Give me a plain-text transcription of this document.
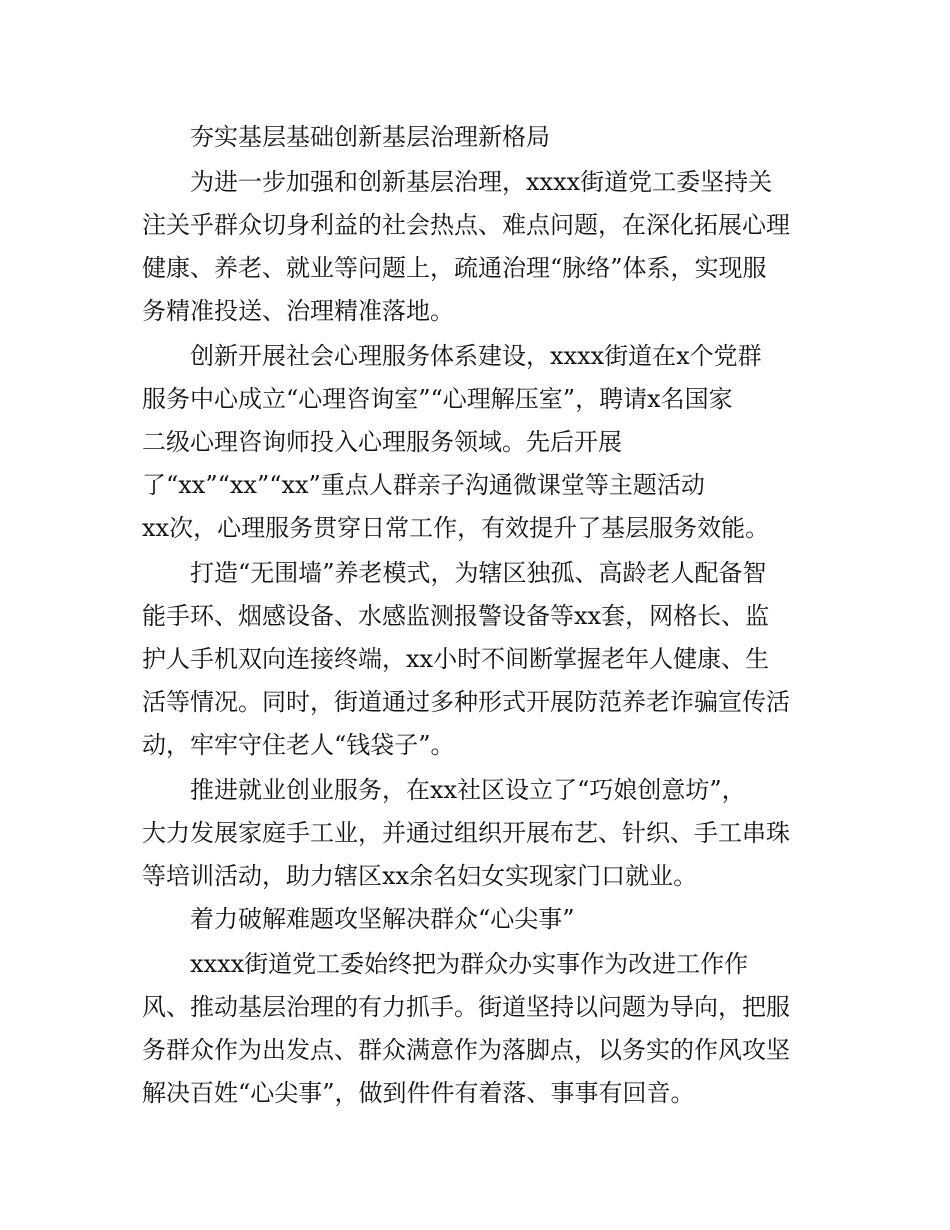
夯实基层基础创新基层治理新格局

为进一步加强和创新基层治理，xxxx街道党工委坚持关

注关乎群众切身利益的社会热点、难点问题，在深化拓展心理

健康、养老、就业等问题上，疏通治理“脉络”体系，实现服

务精准投送、治理精准落地。

创新开展社会心理服务体系建设，xxxx街道在x个党群

服务中心成立“心理咨询室”“心理解压室”，聘请x名国家

二级心理咨询师投入心理服务领域。先后开展

了“xx”“xx”“xx”重点人群亲子沟通微课堂等主题活动

xx次，心理服务贯穿日常工作，有效提升了基层服务效能。

打造“无围墙”养老模式，为辖区独孤、高龄老人配备智

能手环、烟感设备、水感监测报警设备等xx套，网格长、监

护人手机双向连接终端，xx小时不间断掌握老年人健康、生

活等情况。同时，街道通过多种形式开展防范养老诈骗宣传活

动，牢牢守住老人“钱袋子”。

推进就业创业服务，在xx社区设立了“巧娘创意坊”，

大力发展家庭手工业，并通过组织开展布艺、针织、手工串珠

等培训活动，助力辖区xx余名妇女实现家门口就业。

着力破解难题攻坚解决群众“心尖事”

xxxx街道党工委始终把为群众办实事作为改进工作作

风、推动基层治理的有力抓手。街道坚持以问题为导向，把服

务群众作为出发点、群众满意作为落脚点，以务实的作风攻坚

解决百姓“心尖事”，做到件件有着落、事事有回音。
